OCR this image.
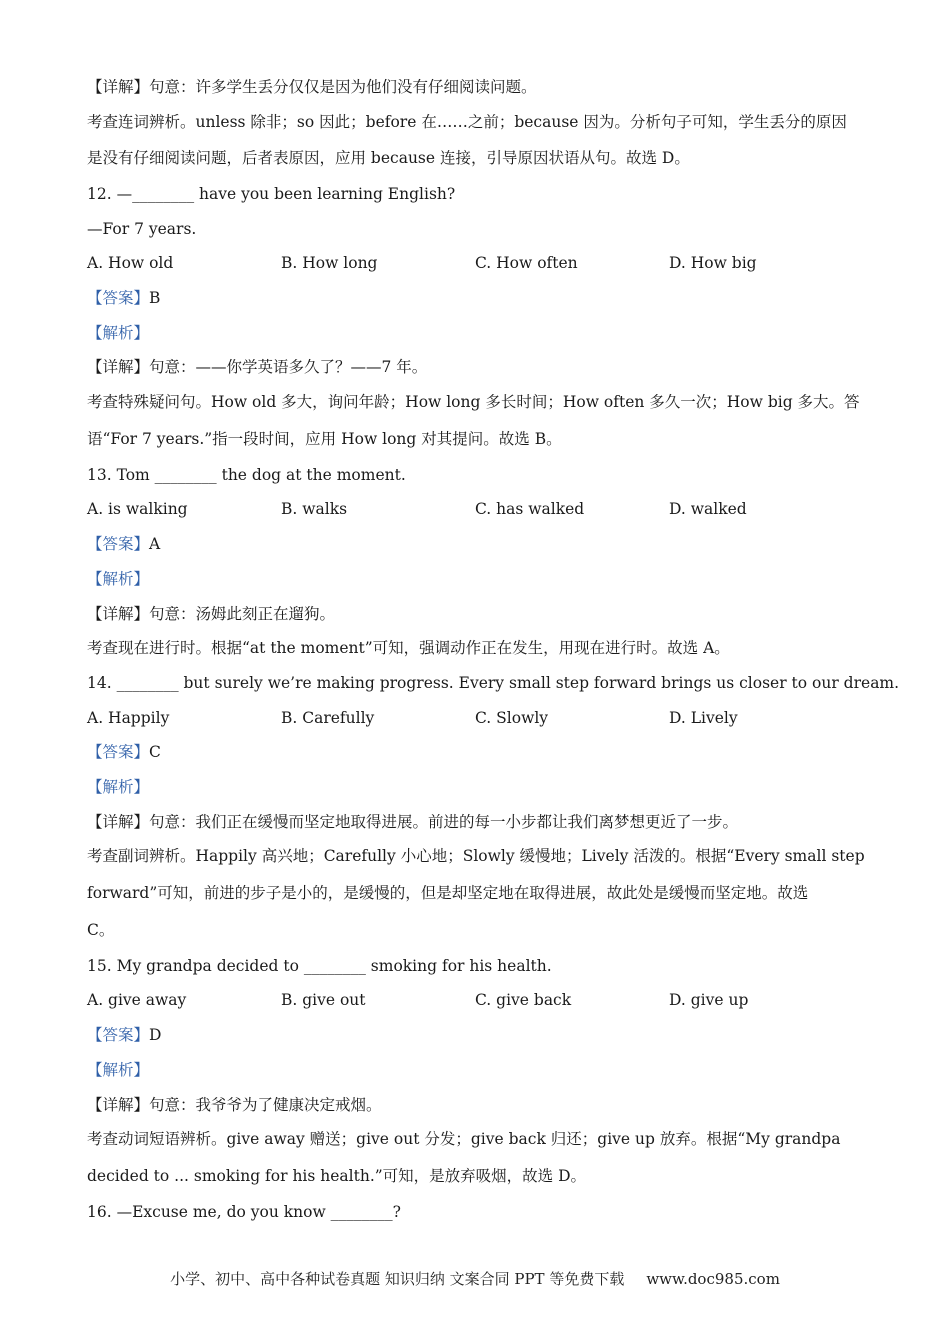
【详解】句意：许多学生丢分仅仅是因为他们没有仔细阅读问题。
考查连词辨析。unless 除非；so 因此；before 在……之前；because 因为。分析句子可知，学生丢分的原因
是没有仔细阅读问题，后者表原因，应用 because 连接，引导原因状语从句。故选 D。
12. —________ have you been learning English?
—For 7 years.
A. How old	B. How long	C. How often	D. How big
【答案】B
【解析】
【详解】句意：——你学英语多久了？——7 年。
考查特殊疑问句。How old 多大，询问年龄；How long 多长时间；How often 多久一次；How big 多大。答
语“For 7 years.”指一段时间，应用 How long 对其提问。故选 B。
13. Tom ________ the dog at the moment.
A. is walking	B. walks	C. has walked	D. walked
【答案】A
【解析】
【详解】句意：汤姆此刻正在遛狗。
考查现在进行时。根据“at the moment”可知，强调动作正在发生，用现在进行时。故选 A。
14. ________ but surely we’re making progress. Every small step forward brings us closer to our dream.
A. Happily	B. Carefully	C. Slowly	D. Lively
【答案】C
【解析】
【详解】句意：我们正在缓慢而坚定地取得进展。前进的每一小步都让我们离梦想更近了一步。
考查副词辨析。Happily 高兴地；Carefully 小心地；Slowly 缓慢地；Lively 活泼的。根据“Every small step
forward”可知，前进的步子是小的，是缓慢的，但是却坚定地在取得进展，故此处是缓慢而坚定地。故选
C。
15. My grandpa decided to ________ smoking for his health.
A. give away	B. give out	C. give back	D. give up
【答案】D
【解析】
【详解】句意：我爷爷为了健康决定戒烟。
考查动词短语辨析。give away 赠送；give out 分发；give back 归还；give up 放弃。根据“My grandpa
decided to ... smoking for his health.”可知，是放弃吸烟，故选 D。
16. —Excuse me, do you know ________?
小学、初中、高中各种试卷真题 知识归纳 文案合同 PPT 等免费下载 www.doc985.com
